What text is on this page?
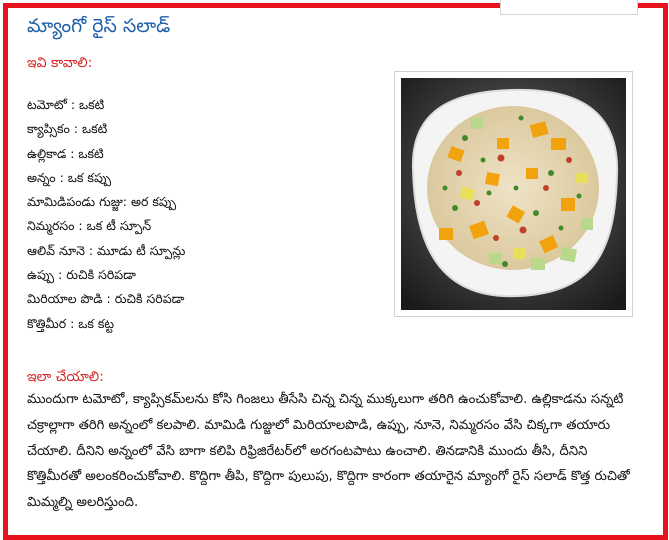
మ్యాంగో రైస్ సలాడ్
ఇవి కావాలి:
టమోటో : ఒకటి
క్యాప్సికం : ఒకటి
ఉల్లికాడ : ఒకటి
అన్నం : ఒక కప్పు
మామిడిపండు గుజ్జు: అర కప్పు
నిమ్మరసం : ఒక టీ స్పూన్
ఆలివ్ నూనె : మూడు టీ స్పూన్లు
ఉప్పు : రుచికి సరిపడా
మిరియాల పొడి : రుచికి సరిపడా
కొత్తిమీర : ఒక కట్ట
ఇలా చేయాలి:
ముందుగా టమోటో, క్యాప్సికమ్‌లను కోసి గింజలు తీసేసి చిన్న చిన్న ముక్కలుగా తరిగి ఉంచుకోవాలి. ఉల్లికాడను సన్నటి చక్రాల్లాగా తరిగి అన్నంలో కలపాలి. మామిడి గుజ్జులో మిరియాలపొడి, ఉప్పు, నూనె, నిమ్మరసం వేసి చిక్కగా తయారు చేయాలి. దీనిని అన్నంలో వేసి బాగా కలిపి రిఫ్రిజిరేటర్‌లో అరగంటపాటు ఉంచాలి. తినడానికి ముందు తీసి, దీనిని కొత్తిమీరతో అలంకరించుకోవాలి. కొద్దిగా తీపి, కొద్దిగా పులుపు, కొద్దిగా కారంగా తయారైన మ్యాంగో రైస్ సలాడ్ కొత్త రుచితో మిమ్మల్ని అలరిస్తుంది.
